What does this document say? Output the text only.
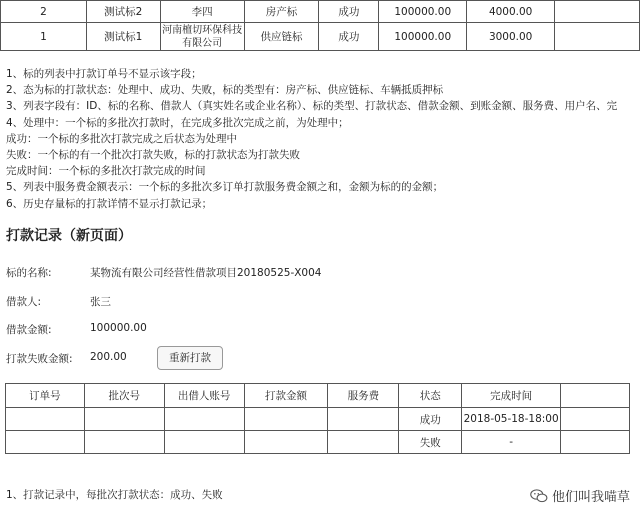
2	测试标2	李四	房产标	成功	100000.00	4000.00	
1	测试标1	河南檀切环保科技有限公司	供应链标	成功	100000.00	3000.00	
1、标的列表中打款订单号不显示该字段；
2、态为标的打款状态：处理中、成功、失败，标的类型有：房产标、供应链标、车辆抵质押标
3、列表字段有：ID、标的名称、借款人（真实姓名或企业名称）、标的类型、打款状态、借款金额、到账金额、服务费、用户名、完
4、处理中：一个标的多批次打款时，在完成多批次完成之前，为处理中；
成功：一个标的多批次打款完成之后状态为处理中
失败：一个标的有一个批次打款失败，标的打款状态为打款失败
完成时间：一个标的多批次打款完成的时间
5、列表中服务费金额表示：一个标的多批次多订单打款服务费金额之和，金额为标的的金额；
6、历史存量标的打款详情不显示打款记录；
打款记录（新页面）
标的名称:	某物流有限公司经营性借款项目20180525-X004
借款人:	张三
借款金额:	100000.00
打款失败金额: 200.00	重新打款
订单号	批次号	出借人账号	打款金额	服务费	状态	完成时间	
					成功	2018-05-18-18:00	
					失败	-	
1、打款记录中，每批次打款状态：成功、失败	他们叫我喵草
